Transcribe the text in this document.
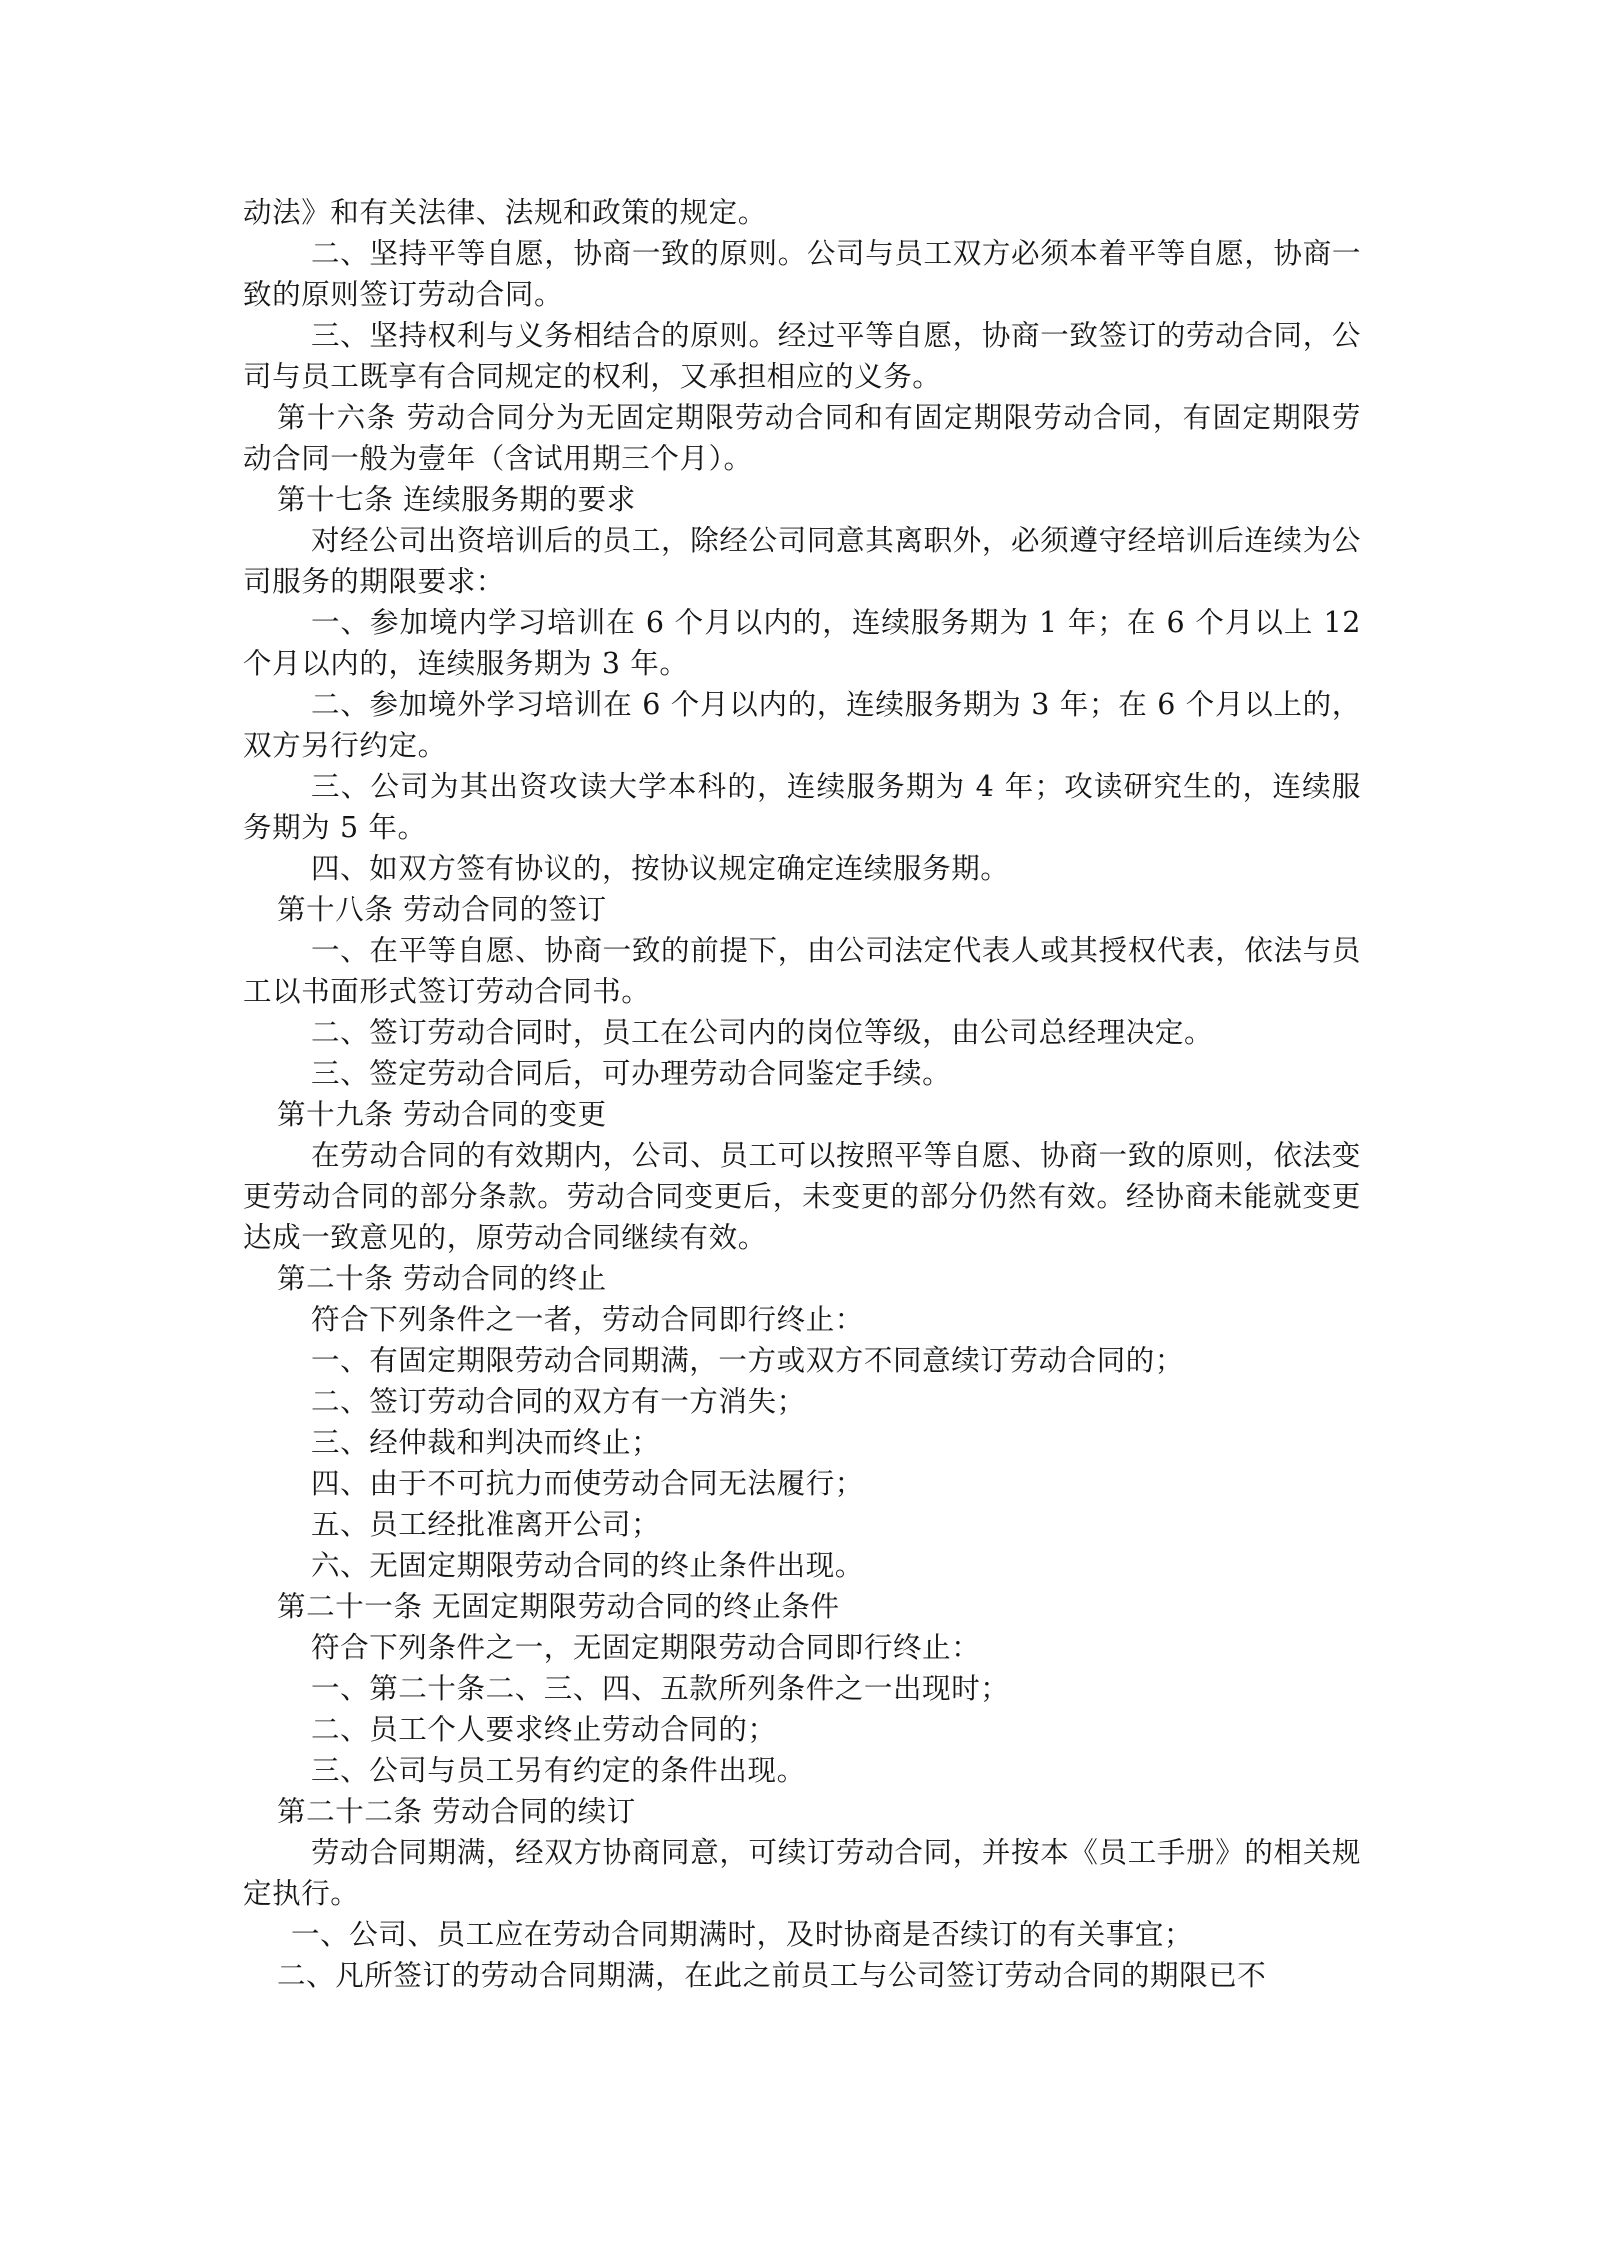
动法》和有关法律、法规和政策的规定。

二、坚持平等自愿，协商一致的原则。公司与员工双方必须本着平等自愿，协商一致的原则签订劳动合同。

三、坚持权利与义务相结合的原则。经过平等自愿，协商一致签订的劳动合同，公司与员工既享有合同规定的权利，又承担相应的义务。

第十六条 劳动合同分为无固定期限劳动合同和有固定期限劳动合同，有固定期限劳动合同一般为壹年（含试用期三个月）。

第十七条 连续服务期的要求

对经公司出资培训后的员工，除经公司同意其离职外，必须遵守经培训后连续为公司服务的期限要求：

一、参加境内学习培训在 6 个月以内的，连续服务期为 1 年；在 6 个月以上 12 个月以内的，连续服务期为 3 年。

二、参加境外学习培训在 6 个月以内的，连续服务期为 3 年；在 6 个月以上的，双方另行约定。

三、公司为其出资攻读大学本科的，连续服务期为 4 年；攻读研究生的，连续服务期为 5 年。

四、如双方签有协议的，按协议规定确定连续服务期。

第十八条 劳动合同的签订

一、在平等自愿、协商一致的前提下，由公司法定代表人或其授权代表，依法与员工以书面形式签订劳动合同书。

二、签订劳动合同时，员工在公司内的岗位等级，由公司总经理决定。

三、签定劳动合同后，可办理劳动合同鉴定手续。

第十九条 劳动合同的变更

在劳动合同的有效期内，公司、员工可以按照平等自愿、协商一致的原则，依法变更劳动合同的部分条款。劳动合同变更后，未变更的部分仍然有效。经协商未能就变更达成一致意见的，原劳动合同继续有效。

第二十条 劳动合同的终止

符合下列条件之一者，劳动合同即行终止：

一、有固定期限劳动合同期满，一方或双方不同意续订劳动合同的；

二、签订劳动合同的双方有一方消失；

三、经仲裁和判决而终止；

四、由于不可抗力而使劳动合同无法履行；

五、员工经批准离开公司；

六、无固定期限劳动合同的终止条件出现。

第二十一条 无固定期限劳动合同的终止条件

符合下列条件之一，无固定期限劳动合同即行终止：

一、第二十条二、三、四、五款所列条件之一出现时；

二、员工个人要求终止劳动合同的；

三、公司与员工另有约定的条件出现。

第二十二条 劳动合同的续订

劳动合同期满，经双方协商同意，可续订劳动合同，并按本《员工手册》的相关规定执行。

一、公司、员工应在劳动合同期满时，及时协商是否续订的有关事宜；

二、凡所签订的劳动合同期满，在此之前员工与公司签订劳动合同的期限已不
